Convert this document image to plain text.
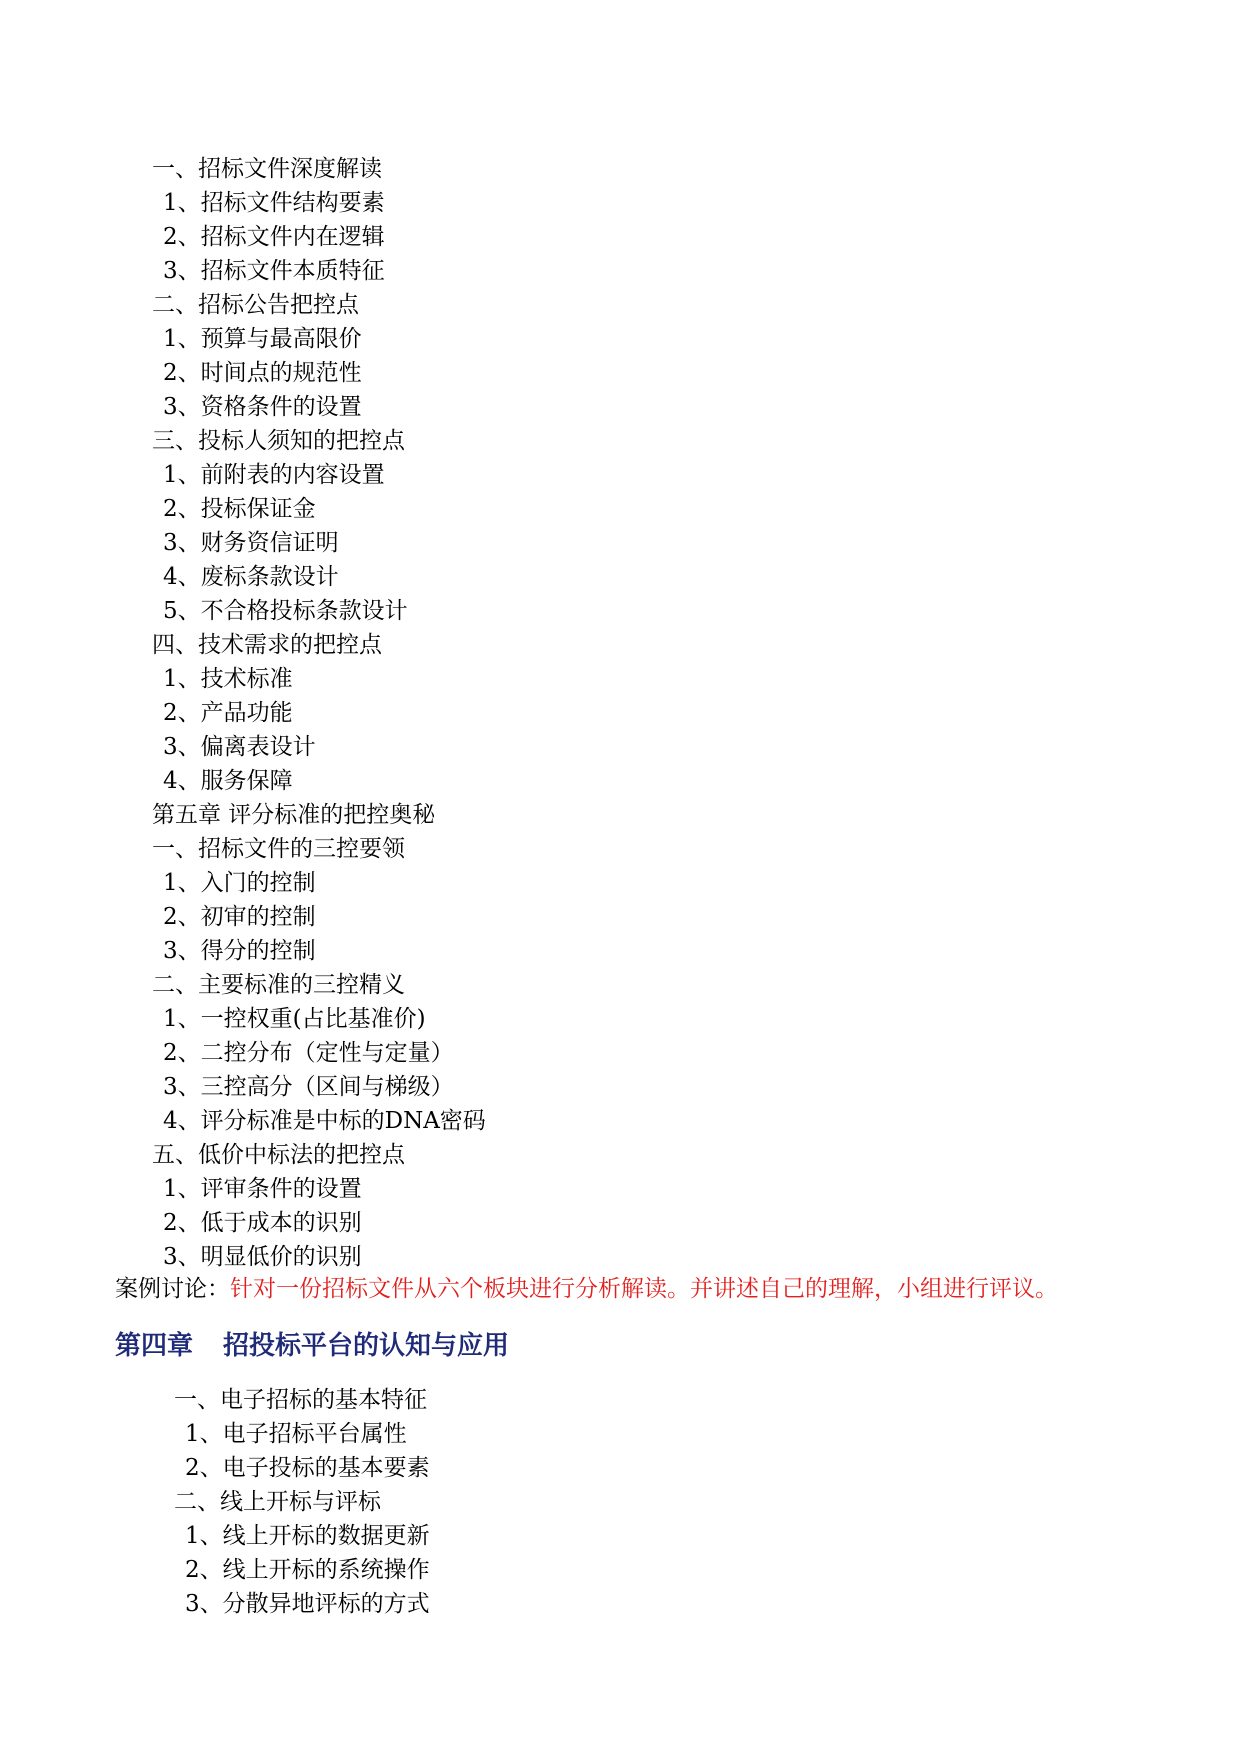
一、招标文件深度解读
1、招标文件结构要素
2、招标文件内在逻辑
3、招标文件本质特征
二、招标公告把控点
1、预算与最高限价
2、时间点的规范性
3、资格条件的设置
三、投标人须知的把控点
1、前附表的内容设置
2、投标保证金
3、财务资信证明
4、废标条款设计
5、不合格投标条款设计
四、技术需求的把控点
1、技术标准
2、产品功能
3、偏离表设计
4、服务保障
第五章 评分标准的把控奥秘
一、招标文件的三控要领
1、入门的控制
2、初审的控制
3、得分的控制
二、主要标准的三控精义
1、一控权重(占比基准价)
2、二控分布（定性与定量）
3、三控高分（区间与梯级）
4、评分标准是中标的DNA密码
五、低价中标法的把控点
1、评审条件的设置
2、低于成本的识别
3、明显低价的识别
案例讨论：针对一份招标文件从六个板块进行分析解读。并讲述自己的理解，小组进行评议。
第四章 招投标平台的认知与应用
一、电子招标的基本特征
1、电子招标平台属性
2、电子投标的基本要素
二、线上开标与评标
1、线上开标的数据更新
2、线上开标的系统操作
3、分散异地评标的方式
